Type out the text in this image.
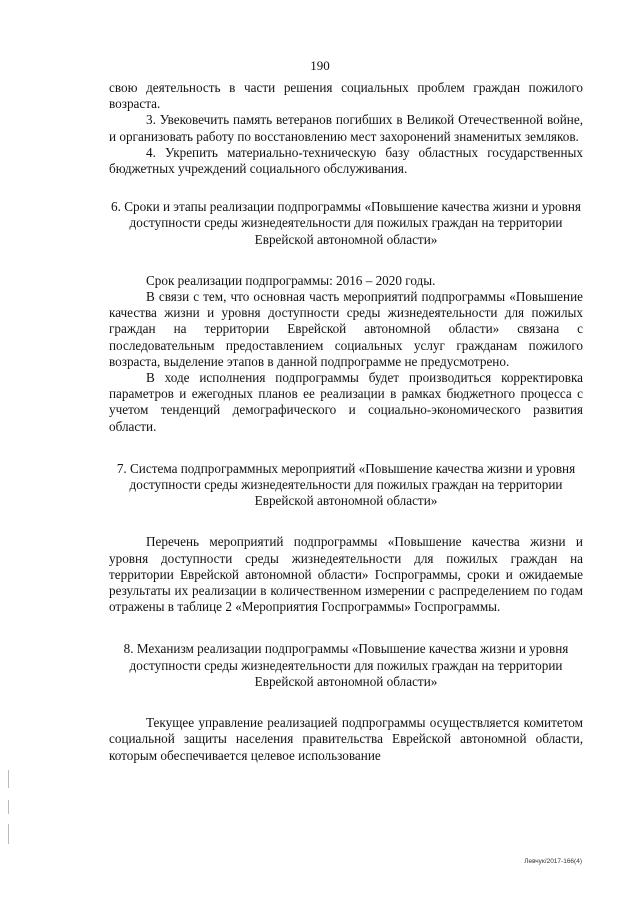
190

свою деятельность в части решения социальных проблем граждан пожилого возраста.

3. Увековечить память ветеранов погибших в Великой Отечественной войне, и организовать работу по восстановлению мест захоронений знаменитых земляков.

4. Укрепить материально-техническую базу областных государственных бюджетных учреждений социального обслуживания.

6. Сроки и этапы реализации подпрограммы «Повышение качества жизни и уровня доступности среды жизнедеятельности для пожилых граждан на территории Еврейской автономной области»

Срок реализации подпрограммы: 2016 – 2020 годы.

В связи с тем, что основная часть мероприятий подпрограммы «Повышение качества жизни и уровня доступности среды жизнедеятельности для пожилых граждан на территории Еврейской автономной области» связана с последовательным предоставлением социальных услуг гражданам пожилого возраста, выделение этапов в данной подпрограмме не предусмотрено.

В ходе исполнения подпрограммы будет производиться корректировка параметров и ежегодных планов ее реализации в рамках бюджетного процесса с учетом тенденций демографического и социально-экономического развития области.

7. Система подпрограммных мероприятий «Повышение качества жизни и уровня доступности среды жизнедеятельности для пожилых граждан на территории Еврейской автономной области»

Перечень мероприятий подпрограммы «Повышение качества жизни и уровня доступности среды жизнедеятельности для пожилых граждан на территории Еврейской автономной области» Госпрограммы, сроки и ожидаемые результаты их реализации в количественном измерении с распределением по годам отражены в таблице 2 «Мероприятия Госпрограммы» Госпрограммы.

8. Механизм реализации подпрограммы «Повышение качества жизни и уровня доступности среды жизнедеятельности для пожилых граждан на территории Еврейской автономной области»

Текущее управление реализацией подпрограммы осуществляется комитетом социальной защиты населения правительства Еврейской автономной области, которым обеспечивается целевое использование

Левчук/2017-166(4)
